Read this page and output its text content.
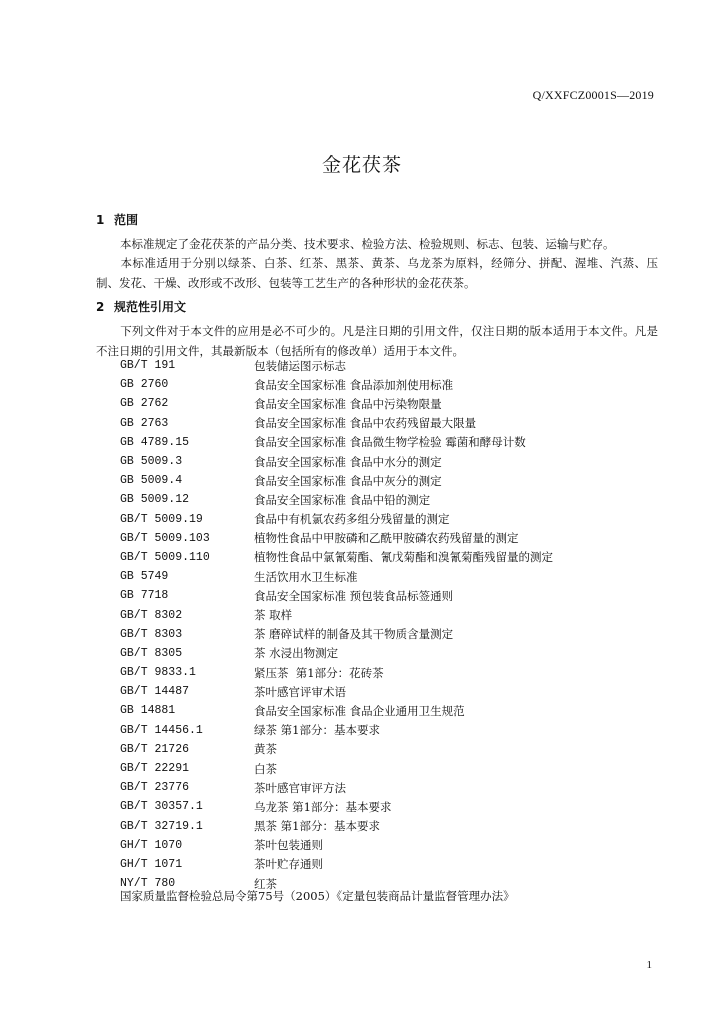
Q/XXFCZ0001S—2019
金花茯茶
1 范围
本标准规定了金花茯茶的产品分类、技术要求、检验方法、检验规则、标志、包装、运输与贮存。
本标准适用于分别以绿茶、白茶、红茶、黑茶、黄茶、乌龙茶为原料，经筛分、拼配、渥堆、汽蒸、压制、发花、干燥、改形或不改形、包装等工艺生产的各种形状的金花茯茶。
2 规范性引用文
下列文件对于本文件的应用是必不可少的。凡是注日期的引用文件，仅注日期的版本适用于本文件。凡是不注日期的引用文件，其最新版本（包括所有的修改单）适用于本文件。
GB/T 191	包装储运图示标志
GB 2760	食品安全国家标准 食品添加剂使用标准
GB 2762	食品安全国家标准 食品中污染物限量
GB 2763	食品安全国家标准 食品中农药残留最大限量
GB 4789.15	食品安全国家标准 食品微生物学检验 霉菌和酵母计数
GB 5009.3	食品安全国家标准 食品中水分的测定
GB 5009.4	食品安全国家标准 食品中灰分的测定
GB 5009.12	食品安全国家标准 食品中铅的测定
GB/T 5009.19	食品中有机氯农药多组分残留量的测定
GB/T 5009.103	植物性食品中甲胺磷和乙酰甲胺磷农药残留量的测定
GB/T 5009.110	植物性食品中氯氰菊酯、氰戊菊酯和溴氰菊酯残留量的测定
GB 5749	生活饮用水卫生标准
GB 7718	食品安全国家标准 预包装食品标签通则
GB/T 8302	茶 取样
GB/T 8303	茶 磨碎试样的制备及其干物质含量测定
GB/T 8305	茶 水浸出物测定
GB/T 9833.1	紧压茶  第1部分：花砖茶
GB/T 14487	茶叶感官评审术语
GB 14881	食品安全国家标准 食品企业通用卫生规范
GB/T 14456.1	绿茶 第1部分：基本要求
GB/T 21726	黄茶
GB/T 22291	白茶
GB/T 23776	茶叶感官审评方法
GB/T 30357.1	乌龙茶 第1部分：基本要求
GB/T 32719.1	黑茶 第1部分：基本要求
GH/T 1070	茶叶包装通则
GH/T 1071	茶叶贮存通则
NY/T 780	红茶
国家质量监督检验总局令第75号（2005）《定量包装商品计量监督管理办法》
1
